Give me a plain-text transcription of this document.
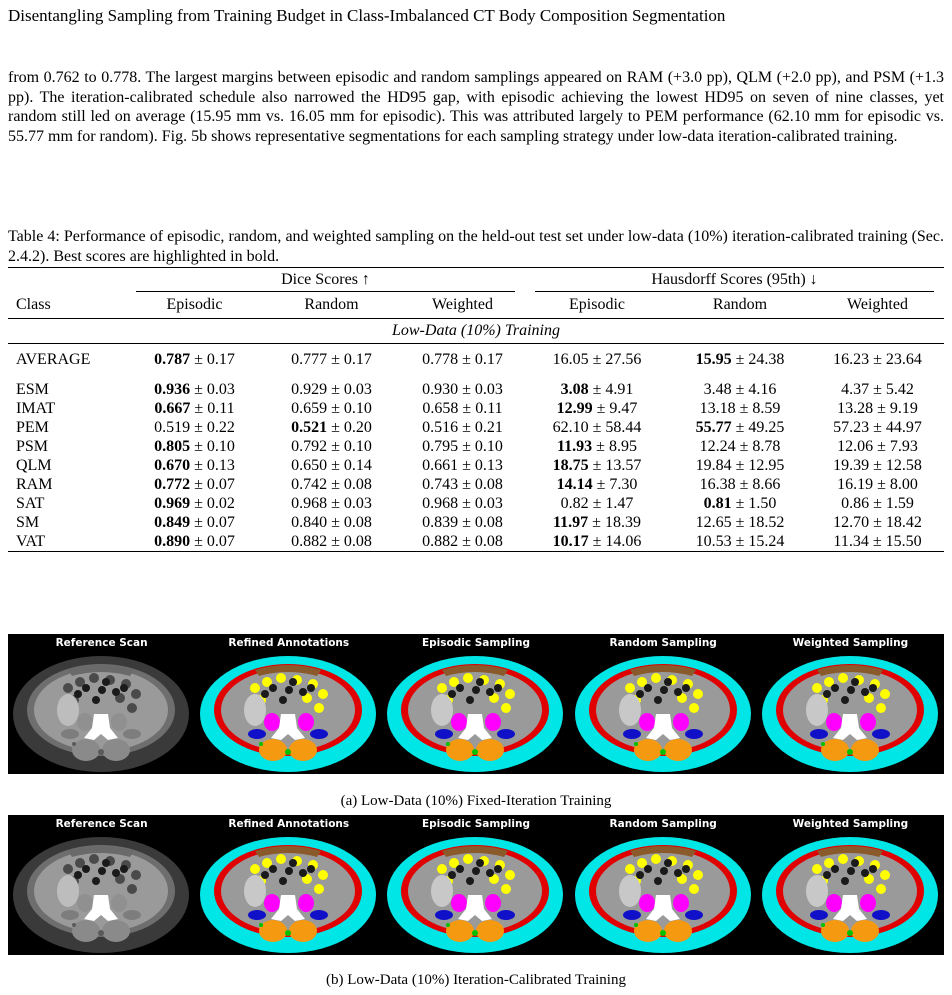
Disentangling Sampling from Training Budget in Class-Imbalanced CT Body Composition Segmentation

from 0.762 to 0.778. The largest margins between episodic and random samplings appeared on RAM (+3.0 pp), QLM (+2.0 pp), and PSM (+1.3 pp). The iteration-calibrated schedule also narrowed the HD95 gap, with episodic achieving the lowest HD95 on seven of nine classes, yet random still led on average (15.95 mm vs. 16.05 mm for episodic). This was attributed largely to PEM performance (62.10 mm for episodic vs. 55.77 mm for random). Fig. 5b shows representative segmentations for each sampling strategy under low-data iteration-calibrated training.

Table 4: Performance of episodic, random, and weighted sampling on the held-out test set under low-data (10%) iteration-calibrated training (Sec. 2.4.2). Best scores are highlighted in bold.

	Dice Scores ↑			Hausdorff Scores (95th) ↓		

Class	Episodic	Random	Weighted	Episodic	Random	Weighted
Low-Data (10%) Training						

AVERAGE	0.787 ± 0.17	0.777 ± 0.17	0.778 ± 0.17	16.05 ± 27.56	15.95 ± 24.38	16.23 ± 23.64

ESM	0.936 ± 0.03	0.929 ± 0.03	0.930 ± 0.03	3.08 ± 4.91	3.48 ± 4.16	4.37 ± 5.42
IMAT	0.667 ± 0.11	0.659 ± 0.10	0.658 ± 0.11	12.99 ± 9.47	13.18 ± 8.59	13.28 ± 9.19
PEM	0.519 ± 0.22	0.521 ± 0.20	0.516 ± 0.21	62.10 ± 58.44	55.77 ± 49.25	57.23 ± 44.97
PSM	0.805 ± 0.10	0.792 ± 0.10	0.795 ± 0.10	11.93 ± 8.95	12.24 ± 8.78	12.06 ± 7.93
QLM	0.670 ± 0.13	0.650 ± 0.14	0.661 ± 0.13	18.75 ± 13.57	19.84 ± 12.95	19.39 ± 12.58
RAM	0.772 ± 0.07	0.742 ± 0.08	0.743 ± 0.08	14.14 ± 7.30	16.38 ± 8.66	16.19 ± 8.00
SAT	0.969 ± 0.02	0.968 ± 0.03	0.968 ± 0.03	0.82 ± 1.47	0.81 ± 1.50	0.86 ± 1.59
SM	0.849 ± 0.07	0.840 ± 0.08	0.839 ± 0.08	11.97 ± 18.39	12.65 ± 18.52	12.70 ± 18.42
VAT	0.890 ± 0.07	0.882 ± 0.08	0.882 ± 0.08	10.17 ± 14.06	10.53 ± 15.24	11.34 ± 15.50
Reference Scan	Refined Annotations	Episodic Sampling	Random Sampling	Weighted Sampling
(a) Low-Data (10%) Fixed-Iteration Training
Reference Scan	Refined Annotations	Episodic Sampling	Random Sampling	Weighted Sampling
(b) Low-Data (10%) Iteration-Calibrated Training
